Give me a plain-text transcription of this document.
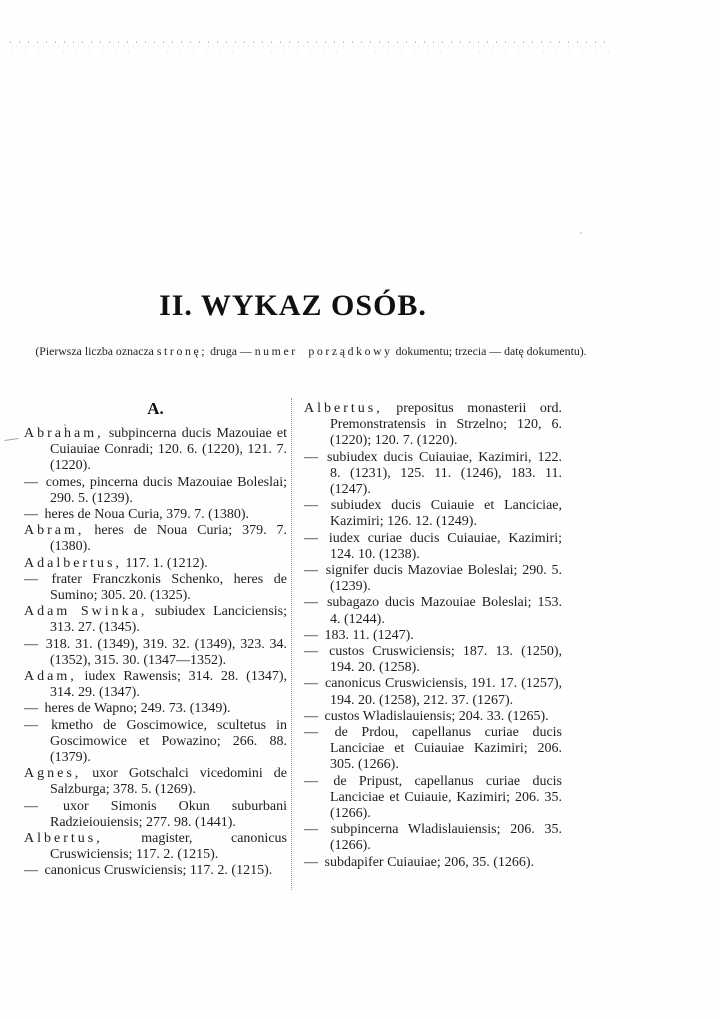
II. WYKAZ OSÓB.

(Pierwsza liczba oznacza stronę; druga — numer porządkowy dokumentu; trzecia — datę dokumentu).

A.

Abraham, subpincerna ducis Mazouiae et Cuiauiae Conradi; 120. 6. (1220), 121. 7. (1220).

— comes, pincerna ducis Mazouiae Boleslai; 290. 5. (1239).

— heres de Noua Curia, 379. 7. (1380).

Abram, heres de Noua Curia; 379. 7. (1380).

Adalbertus, 117. 1. (1212).

— frater Franczkonis Schenko, heres de Sumino; 305. 20. (1325).

Adam Swinka, subiudex Lanciciensis; 313. 27. (1345).

— 318. 31. (1349), 319. 32. (1349), 323. 34. (1352), 315. 30. (1347—1352).

Adam, iudex Rawensis; 314. 28. (1347), 314. 29. (1347).

— heres de Wapno; 249. 73. (1349).

— kmetho de Goscimowice, scultetus in Goscimowice et Powazino; 266. 88. (1379).

Agnes, uxor Gotschalci vicedomini de Salzburga; 378. 5. (1269).

— uxor Simonis Okun suburbani Radzieiouiensis; 277. 98. (1441).

Albertus, magister, canonicus Cruswiciensis; 117. 2. (1215).

— canonicus Cruswiciensis; 117. 2. (1215).

Albertus, prepositus monasterii ord. Premonstratensis in Strzelno; 120, 6. (1220); 120. 7. (1220).

— subiudex ducis Cuiauiae, Kazimiri, 122. 8. (1231), 125. 11. (1246), 183. 11. (1247).

— subiudex ducis Cuiauie et Lanciciae, Kazimiri; 126. 12. (1249).

— iudex curiae ducis Cuiauiae, Kazimiri; 124. 10. (1238).

— signifer ducis Mazoviae Boleslai; 290. 5. (1239).

— subagazo ducis Mazouiae Boleslai; 153. 4. (1244).

— 183. 11. (1247).

— custos Cruswiciensis; 187. 13. (1250), 194. 20. (1258).

— canonicus Cruswiciensis, 191. 17. (1257), 194. 20. (1258), 212. 37. (1267).

— custos Wladislauiensis; 204. 33. (1265).

— de Prdou, capellanus curiae ducis Lanciciae et Cuiauiae Kazimiri; 206. 305. (1266).

— de Pripust, capellanus curiae ducis Lanciciae et Cuiauie, Kazimiri; 206. 35. (1266).

— subpincerna Wladislauiensis; 206. 35. (1266).

— subdapifer Cuiauiae; 206, 35. (1266).
